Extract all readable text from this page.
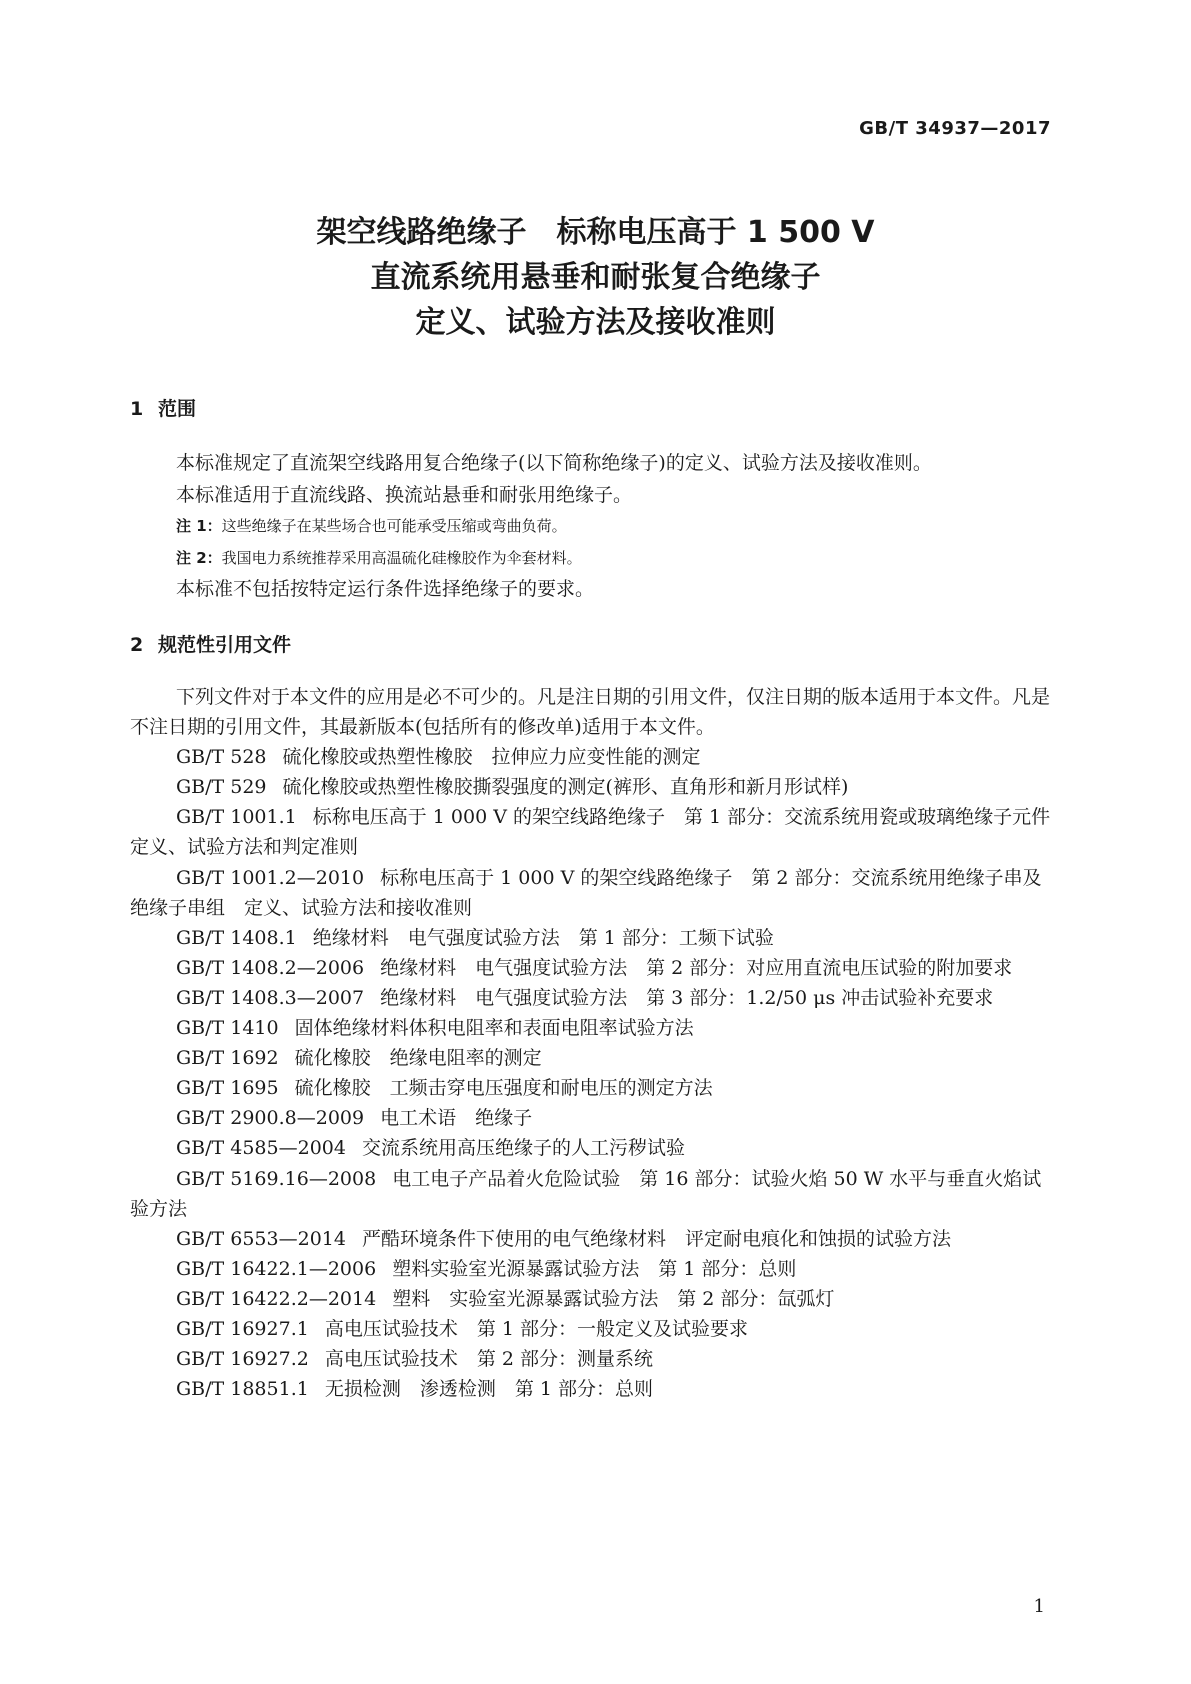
GB/T 34937—2017
架空线路绝缘子　标称电压高于 1 500 V
直流系统用悬垂和耐张复合绝缘子
定义、试验方法及接收准则
1 范围

本标准规定了直流架空线路用复合绝缘子(以下简称绝缘子)的定义、试验方法及接收准则。

本标准适用于直流线路、换流站悬垂和耐张用绝缘子。

注 1：这些绝缘子在某些场合也可能承受压缩或弯曲负荷。

注 2：我国电力系统推荐采用高温硫化硅橡胶作为伞套材料。

本标准不包括按特定运行条件选择绝缘子的要求。

2 规范性引用文件

下列文件对于本文件的应用是必不可少的。凡是注日期的引用文件，仅注日期的版本适用于本文件。凡是不注日期的引用文件，其最新版本(包括所有的修改单)适用于本文件。

GB/T 528 硫化橡胶或热塑性橡胶　拉伸应力应变性能的测定

GB/T 529 硫化橡胶或热塑性橡胶撕裂强度的测定(裤形、直角形和新月形试样)

GB/T 1001.1 标称电压高于 1 000 V 的架空线路绝缘子　第 1 部分：交流系统用瓷或玻璃绝缘子元件　定义、试验方法和判定准则

GB/T 1001.2—2010 标称电压高于 1 000 V 的架空线路绝缘子　第 2 部分：交流系统用绝缘子串及绝缘子串组　定义、试验方法和接收准则

GB/T 1408.1 绝缘材料　电气强度试验方法　第 1 部分：工频下试验

GB/T 1408.2—2006 绝缘材料　电气强度试验方法　第 2 部分：对应用直流电压试验的附加要求

GB/T 1408.3—2007 绝缘材料　电气强度试验方法　第 3 部分：1.2/50 μs 冲击试验补充要求

GB/T 1410 固体绝缘材料体积电阻率和表面电阻率试验方法

GB/T 1692 硫化橡胶　绝缘电阻率的测定

GB/T 1695 硫化橡胶　工频击穿电压强度和耐电压的测定方法

GB/T 2900.8—2009 电工术语　绝缘子

GB/T 4585—2004 交流系统用高压绝缘子的人工污秽试验

GB/T 5169.16—2008 电工电子产品着火危险试验　第 16 部分：试验火焰 50 W 水平与垂直火焰试验方法

GB/T 6553—2014 严酷环境条件下使用的电气绝缘材料　评定耐电痕化和蚀损的试验方法

GB/T 16422.1—2006 塑料实验室光源暴露试验方法　第 1 部分：总则

GB/T 16422.2—2014 塑料　实验室光源暴露试验方法　第 2 部分：氙弧灯

GB/T 16927.1 高电压试验技术　第 1 部分：一般定义及试验要求

GB/T 16927.2 高电压试验技术　第 2 部分：测量系统

GB/T 18851.1 无损检测　渗透检测　第 1 部分：总则

1
